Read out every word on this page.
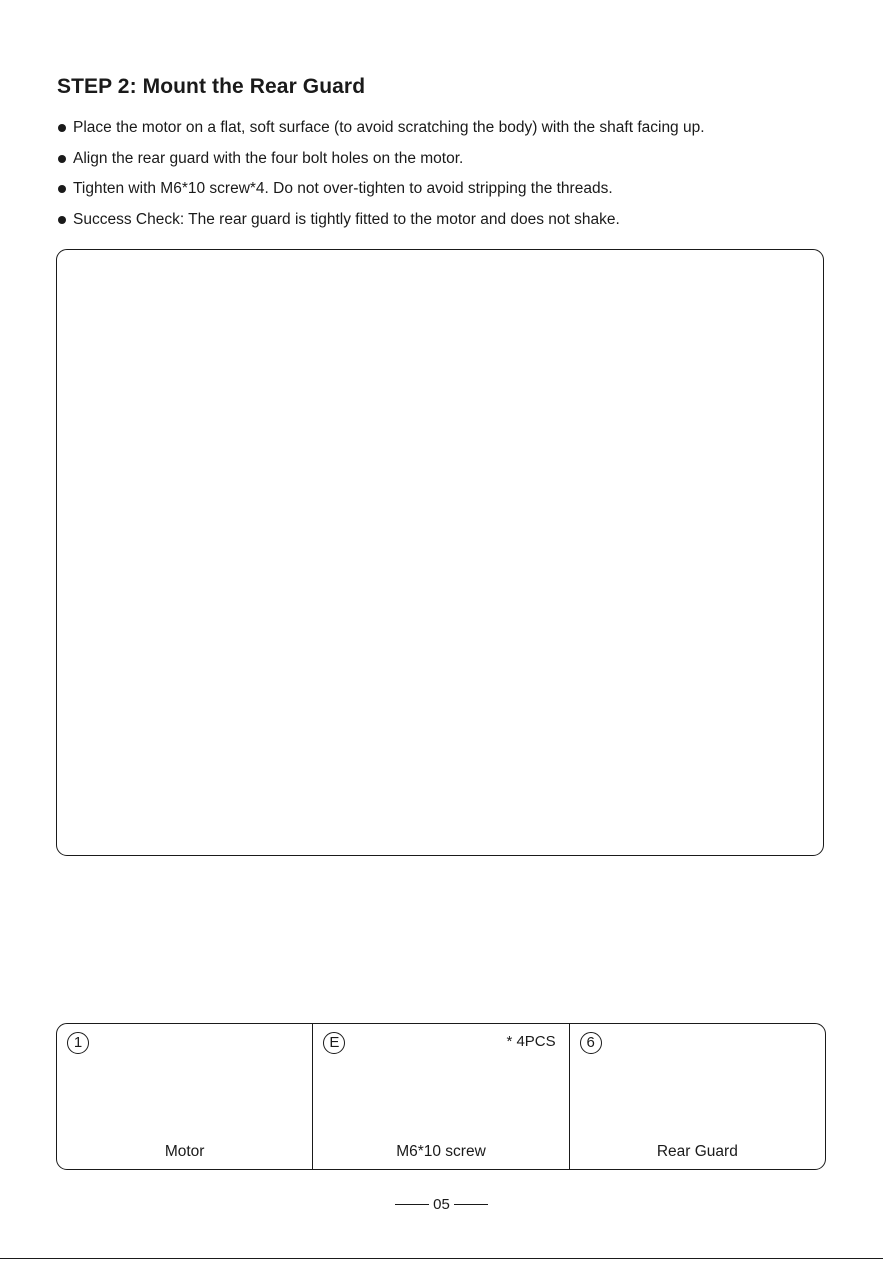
STEP 2: Mount the Rear Guard
Place the motor on a flat, soft surface (to avoid scratching the body) with the shaft facing up.
Align the rear guard with the four bolt holes on the motor.
Tighten with M6*10 screw*4. Do not over-tighten to avoid stripping the threads.
Success Check: The rear guard is tightly fitted to the motor and does not shake.
1
Motor
E	* 4PCS
M6*10 screw
6
Rear Guard
05
